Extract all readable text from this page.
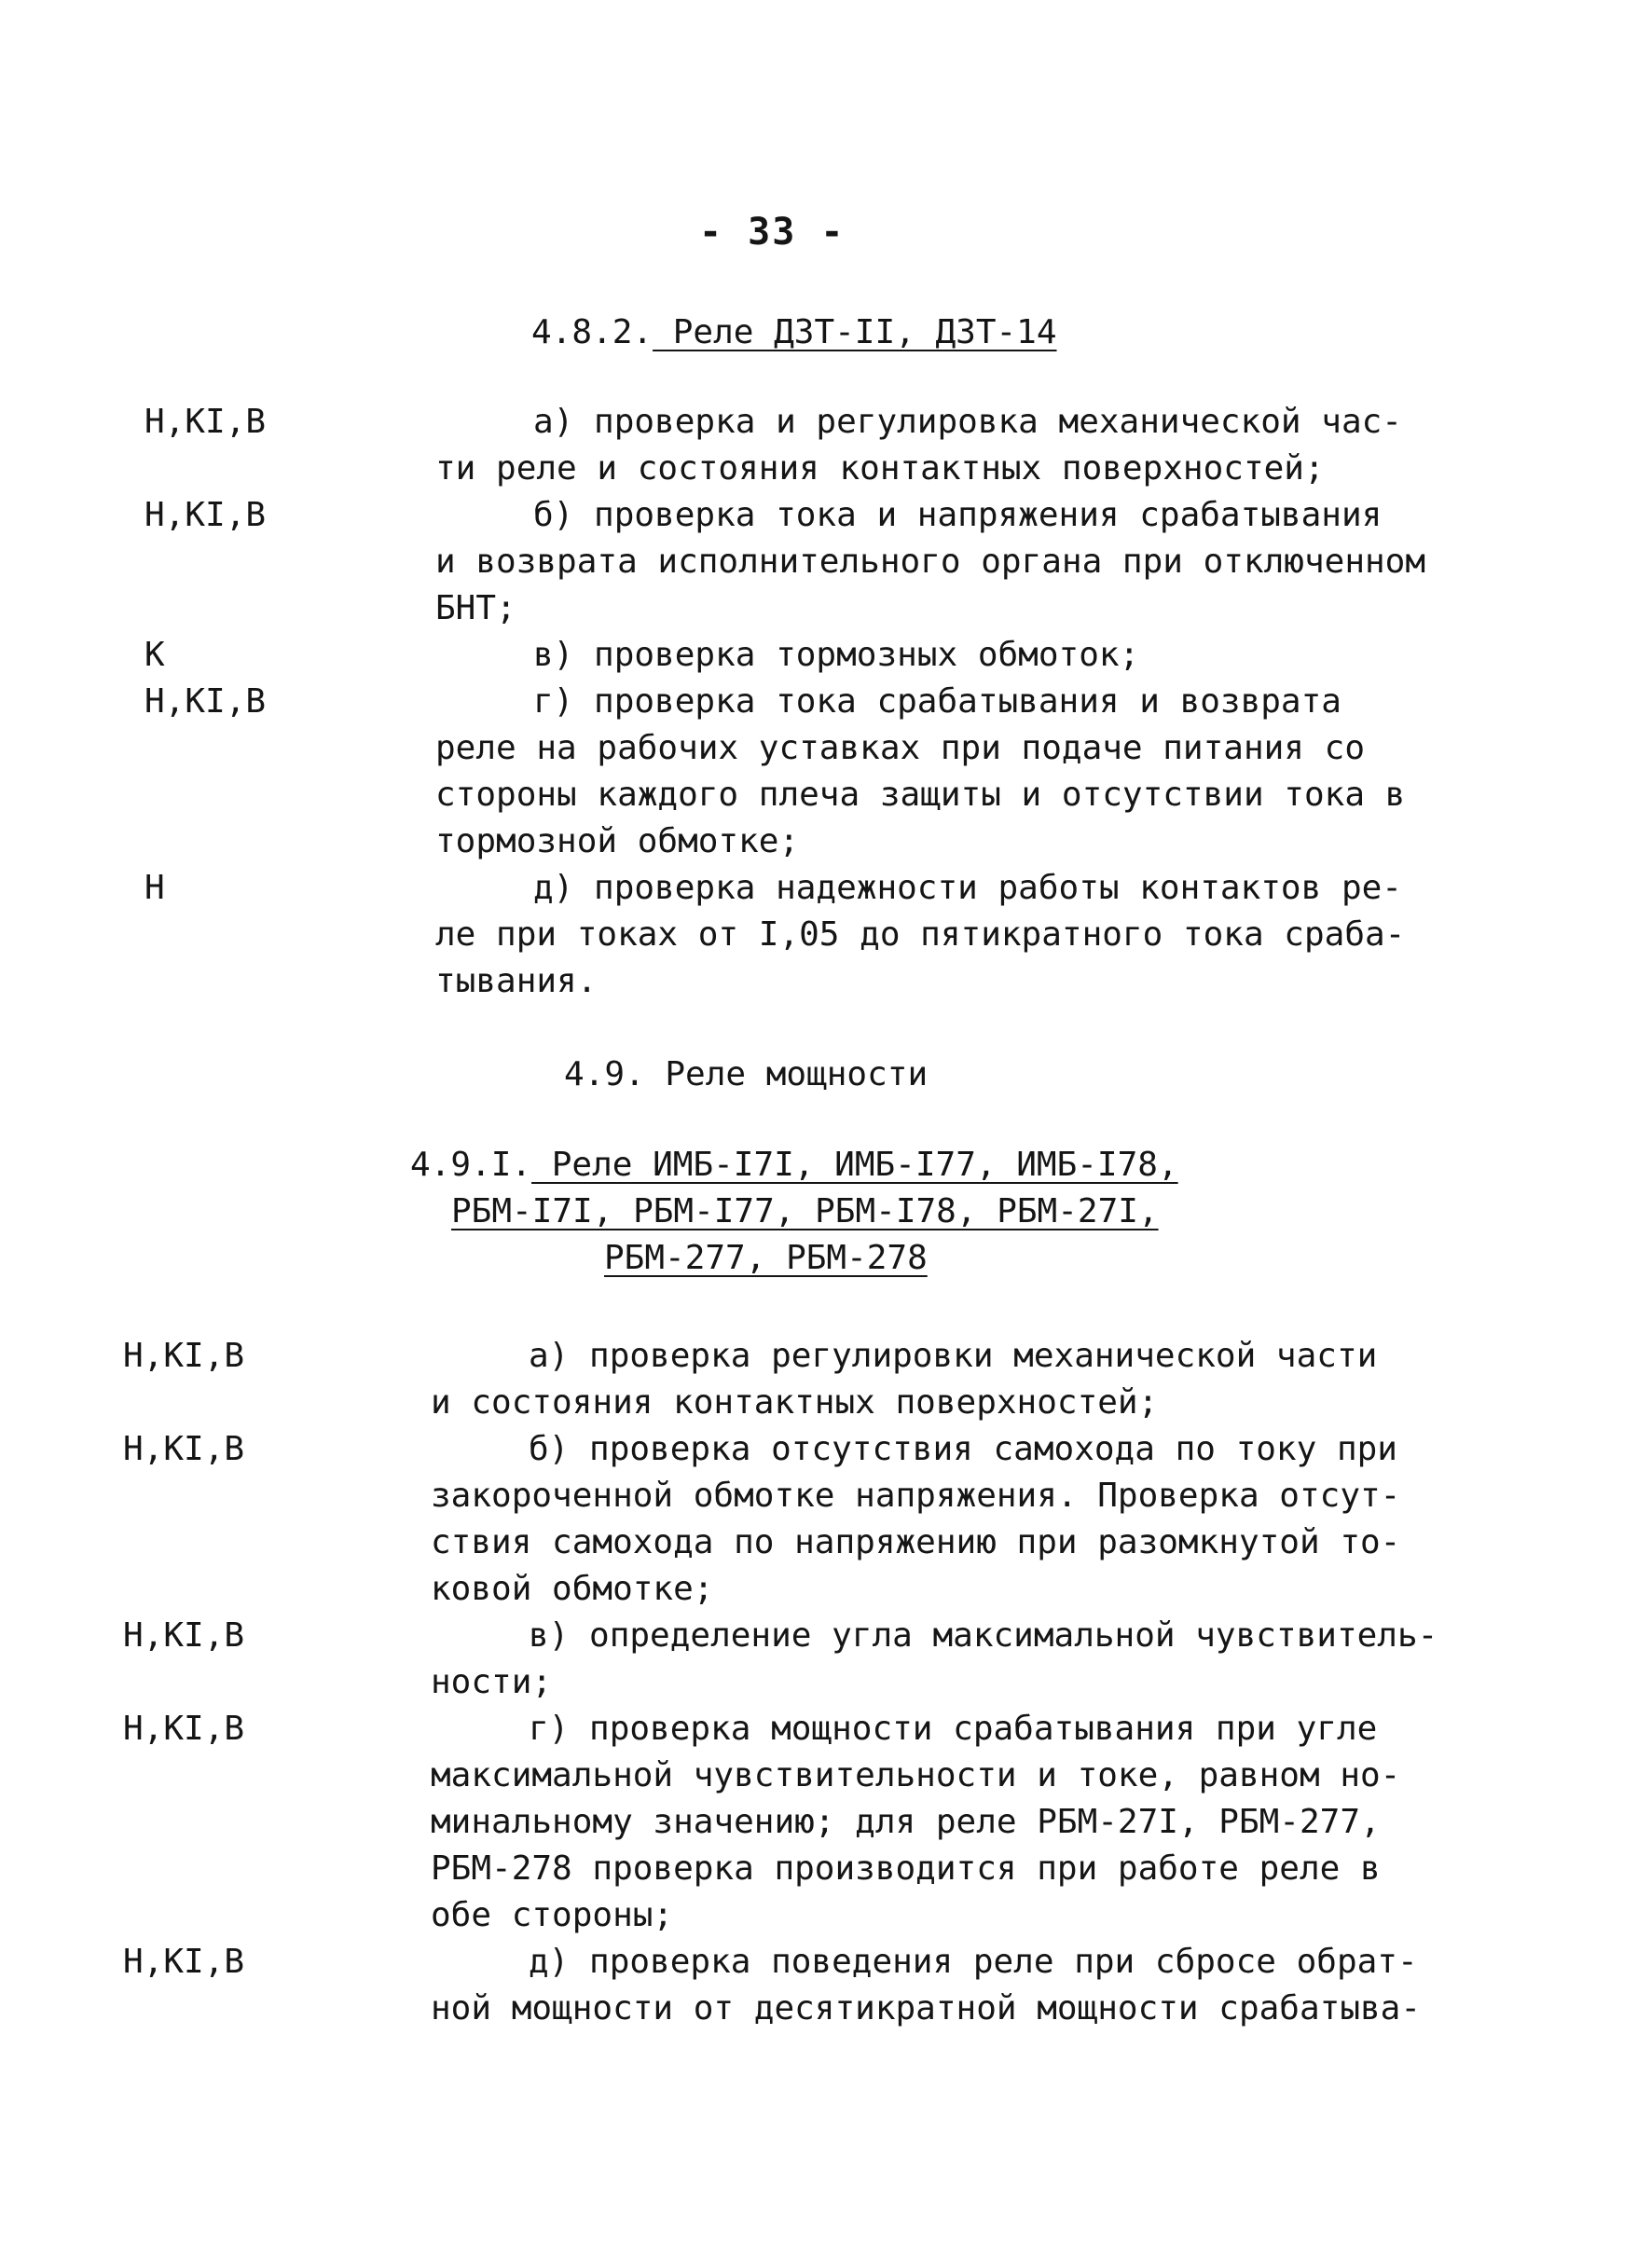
- 33 -
4.8.2. Реле ДЗТ-II, ДЗТ-14
Н,КI,В	а) проверка и регулировка механической час-
ти реле и состояния контактных поверхностей;
Н,КI,В	б) проверка тока и напряжения срабатывания
и возврата исполнительного органа при отключенном
БНТ;
К	в) проверка тормозных обмоток;
Н,КI,В	г) проверка тока срабатывания и возврата
реле на рабочих уставках при подаче питания со
стороны каждого плеча защиты и отсутствии тока в
тормозной обмотке;
Н	д) проверка надежности работы контактов ре-
ле при токах от I,05 до пятикратного тока сраба-
тывания.
4.9. Реле мощности
4.9.I. Реле ИМБ-I7I, ИМБ-I77, ИМБ-I78,
РБМ-I7I, РБМ-I77, РБМ-I78, РБМ-27I,
РБМ-277, РБМ-278
Н,КI,В	а) проверка регулировки механической части
и состояния контактных поверхностей;
Н,КI,В	б) проверка отсутствия самохода по току при
закороченной обмотке напряжения. Проверка отсут-
ствия самохода по напряжению при разомкнутой то-
ковой обмотке;
Н,КI,В	в) определение угла максимальной чувствитель-
ности;
Н,КI,В	г) проверка мощности срабатывания при угле
максимальной чувствительности и токе, равном но-
минальному значению; для реле РБМ-27I, РБМ-277,
РБМ-278 проверка производится при работе реле в
обе стороны;
Н,КI,В	д) проверка поведения реле при сбросе обрат-
ной мощности от десятикратной мощности срабатыва-
